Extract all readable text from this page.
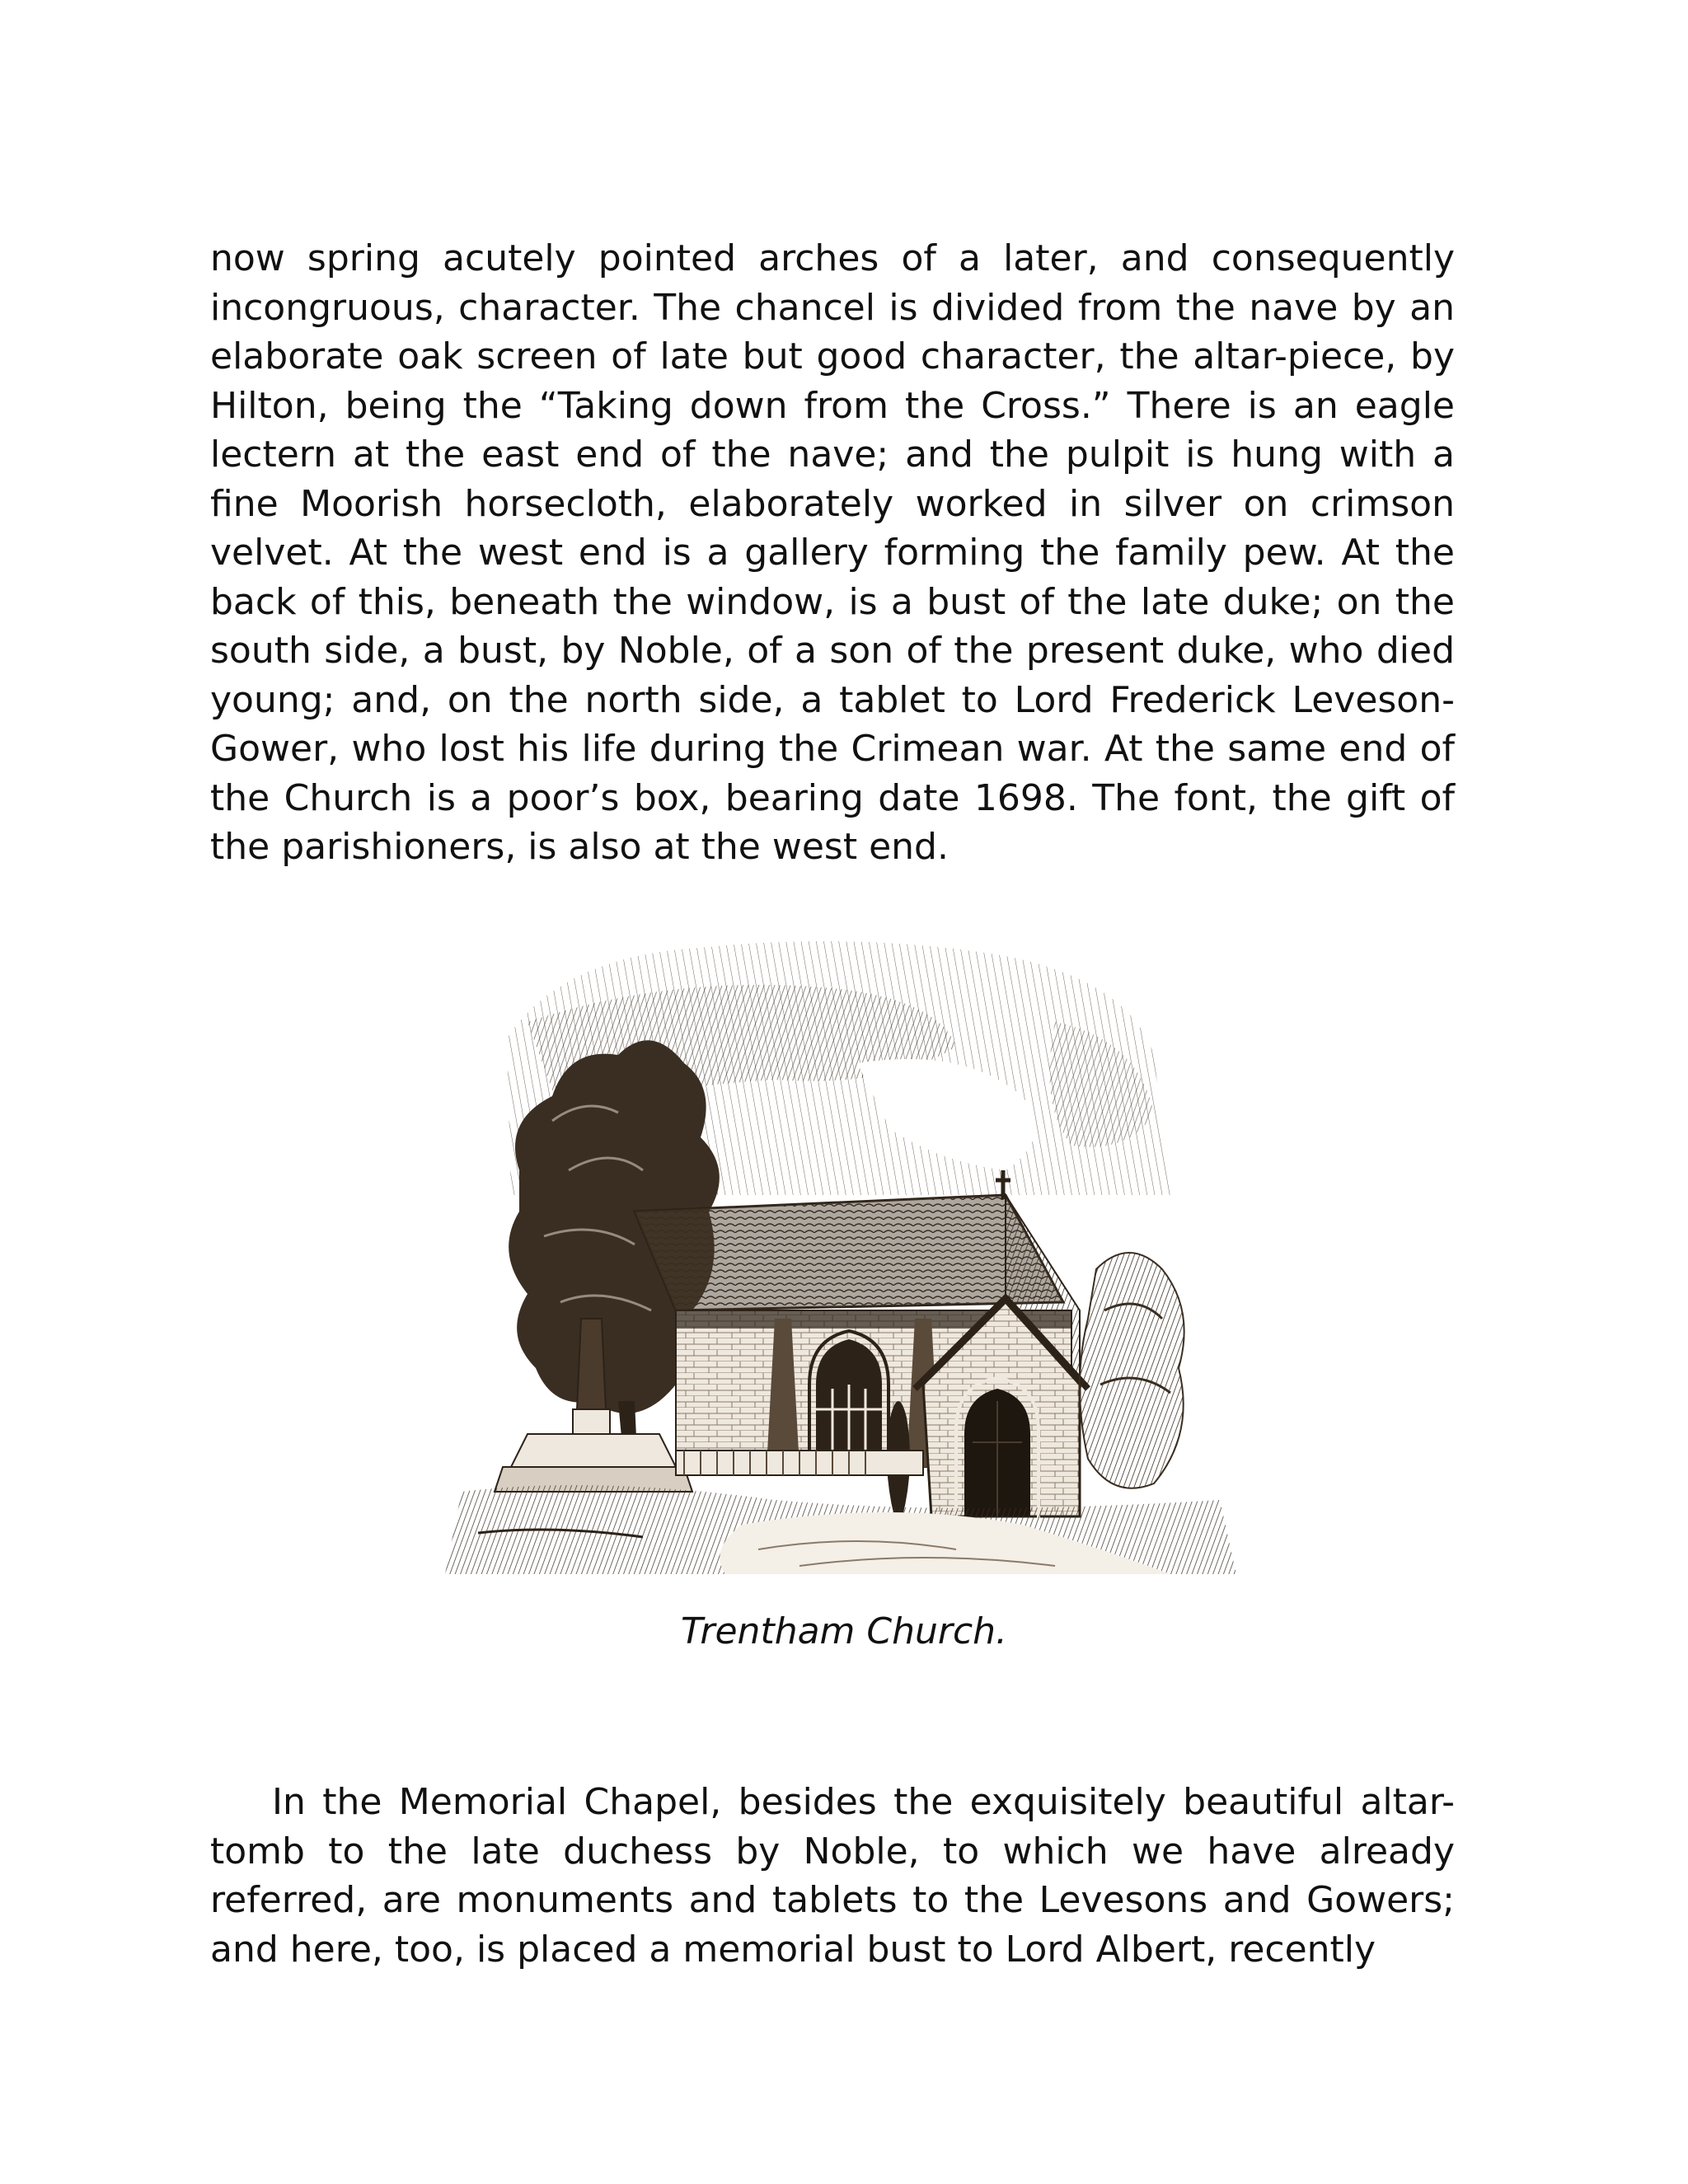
now spring acutely pointed arches of a later, and consequently incongruous, character. The chancel is divided from the nave by an elaborate oak screen of late but good character, the altar-piece, by Hilton, being the “Taking down from the Cross.” There is an eagle lectern at the east end of the nave; and the pulpit is hung with a fine Moorish horsecloth, elaborately worked in silver on crimson velvet. At the west end is a gallery forming the family pew. At the back of this, beneath the window, is a bust of the late duke; on the south side, a bust, by Noble, of a son of the present duke, who died young; and, on the north side, a tablet to Lord Frederick Leveson-Gower, who lost his life during the Crimean war. At the same end of the Church is a poor’s box, bearing date 1698. The font, the gift of the parishioners, is also at the west end.

Trentham Church.

In the Memorial Chapel, besides the exquisitely beautiful altar-tomb to the late duchess by Noble, to which we have already referred, are monuments and tablets to the Levesons and Gowers; and here, too, is placed a memorial bust to Lord Albert, recently
